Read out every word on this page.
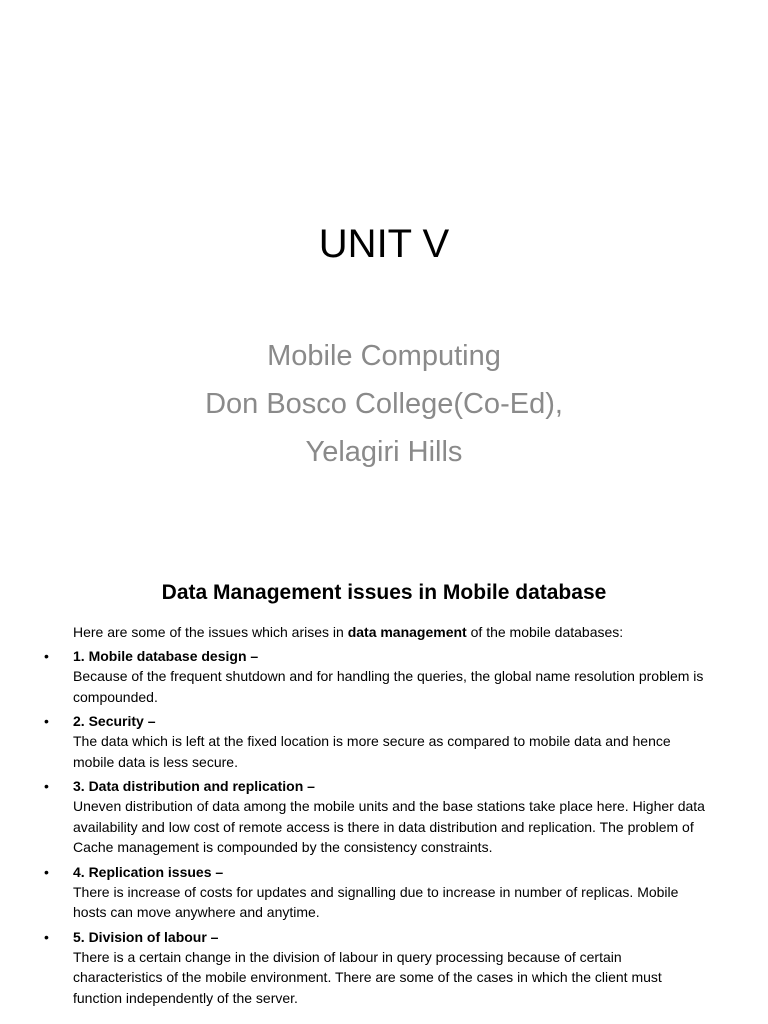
UNIT V
Mobile Computing
Don Bosco College(Co-Ed),
Yelagiri Hills
Data Management issues in Mobile database
Here are some of the issues which arises in data management of the mobile databases:
• 1. Mobile database design –
Because of the frequent shutdown and for handling the queries, the global name resolution problem is compounded.
• 2. Security –
The data which is left at the fixed location is more secure as compared to mobile data and hence mobile data is less secure.
• 3. Data distribution and replication –
Uneven distribution of data among the mobile units and the base stations take place here. Higher data availability and low cost of remote access is there in data distribution and replication. The problem of Cache management is compounded by the consistency constraints.
• 4. Replication issues –
There is increase of costs for updates and signalling due to increase in number of replicas. Mobile hosts can move anywhere and anytime.
• 5. Division of labour –
There is a certain change in the division of labour in query processing because of certain characteristics of the mobile environment. There are some of the cases in which the client must function independently of the server.
